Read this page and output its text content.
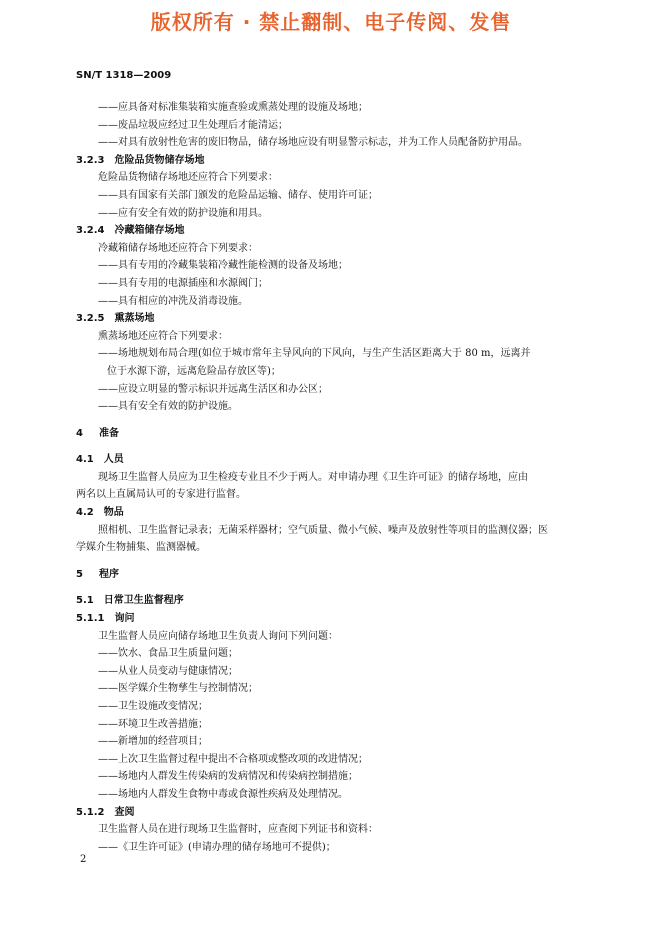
版权所有 · 禁止翻制、电子传阅、发售
SN/T 1318—2009
——应具备对标准集装箱实施查验或熏蒸处理的设施及场地；
——废品垃圾应经过卫生处理后才能清运；
——对具有放射性危害的废旧物品，储存场地应设有明显警示标志，并为工作人员配备防护用品。
3.2.3 危险品货物储存场地
危险品货物储存场地还应符合下列要求：
——具有国家有关部门颁发的危险品运输、储存、使用许可证；
——应有安全有效的防护设施和用具。
3.2.4 冷藏箱储存场地
冷藏箱储存场地还应符合下列要求：
——具有专用的冷藏集装箱冷藏性能检测的设备及场地；
——具有专用的电源插座和水源阀门；
——具有相应的冲洗及消毒设施。
3.2.5 熏蒸场地
熏蒸场地还应符合下列要求：
——场地规划布局合理(如位于城市常年主导风向的下风向，与生产生活区距离大于 80 m，远离并
位于水源下游，远离危险品存放区等)；
——应设立明显的警示标识并远离生活区和办公区；
——具有安全有效的防护设施。
4 准备
4.1 人员
现场卫生监督人员应为卫生检疫专业且不少于两人。对申请办理《卫生许可证》的储存场地，应由
两名以上直属局认可的专家进行监督。
4.2 物品
照相机、卫生监督记录表；无菌采样器材；空气质量、微小气候、噪声及放射性等项目的监测仪器；医
学媒介生物捕集、监测器械。
5 程序
5.1 日常卫生监督程序
5.1.1 询问
卫生监督人员应向储存场地卫生负责人询问下列问题：
——饮水、食品卫生质量问题；
——从业人员变动与健康情况；
——医学媒介生物孳生与控制情况；
——卫生设施改变情况；
——环境卫生改善措施；
——新增加的经营项目；
——上次卫生监督过程中提出不合格项或整改项的改进情况；
——场地内人群发生传染病的发病情况和传染病控制措施；
——场地内人群发生食物中毒或食源性疾病及处理情况。
5.1.2 查阅
卫生监督人员在进行现场卫生监督时，应查阅下列证书和资料：
——《卫生许可证》(申请办理的储存场地可不提供)；
2
